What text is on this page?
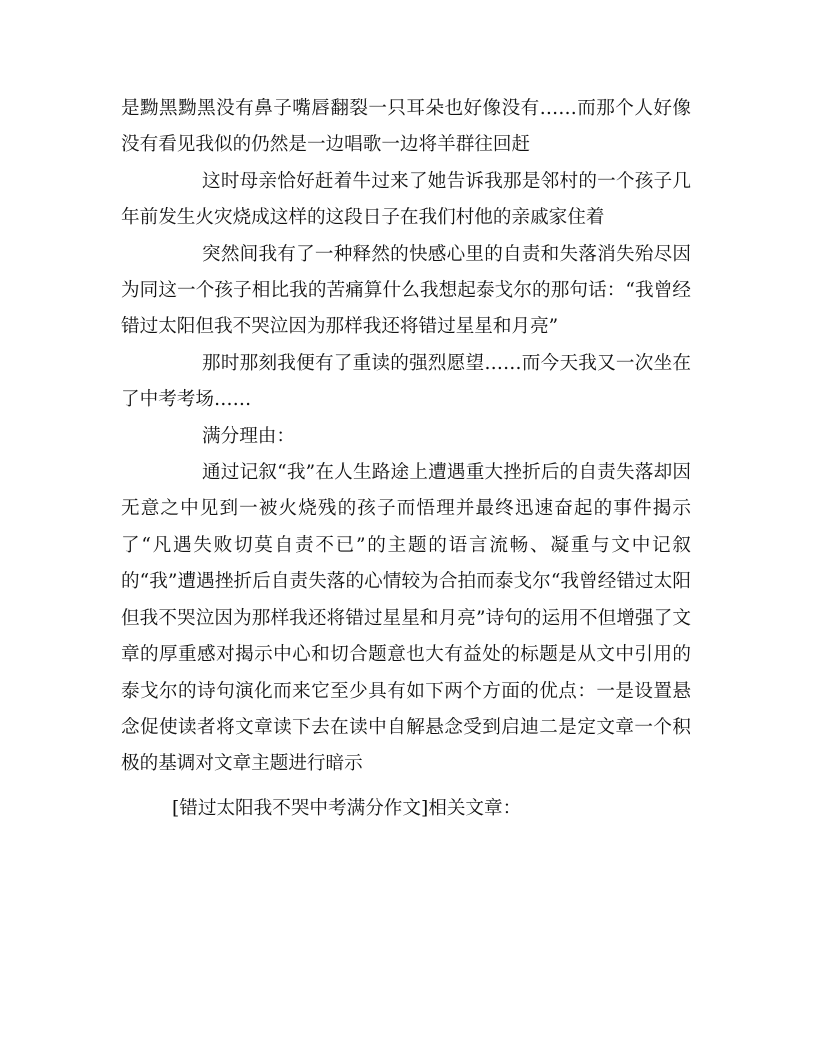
是黝黑黝黑没有鼻子嘴唇翻裂一只耳朵也好像没有……而那个人好像没有看见我似的仍然是一边唱歌一边将羊群往回赶

这时母亲恰好赶着牛过来了她告诉我那是邻村的一个孩子几年前发生火灾烧成这样的这段日子在我们村他的亲戚家住着

突然间我有了一种释然的快感心里的自责和失落消失殆尽因为同这一个孩子相比我的苦痛算什么我想起泰戈尔的那句话：“我曾经错过太阳但我不哭泣因为那样我还将错过星星和月亮”

那时那刻我便有了重读的强烈愿望……而今天我又一次坐在了中考考场……

满分理由：

通过记叙“我”在人生路途上遭遇重大挫折后的自责失落却因无意之中见到一被火烧残的孩子而悟理并最终迅速奋起的事件揭示了“凡遇失败切莫自责不已”的主题的语言流畅、凝重与文中记叙的“我”遭遇挫折后自责失落的心情较为合拍而泰戈尔“我曾经错过太阳但我不哭泣因为那样我还将错过星星和月亮”诗句的运用不但增强了文章的厚重感对揭示中心和切合题意也大有益处的标题是从文中引用的泰戈尔的诗句演化而来它至少具有如下两个方面的优点：一是设置悬念促使读者将文章读下去在读中自解悬念受到启迪二是定文章一个积极的基调对文章主题进行暗示

[错过太阳我不哭中考满分作文]相关文章：
